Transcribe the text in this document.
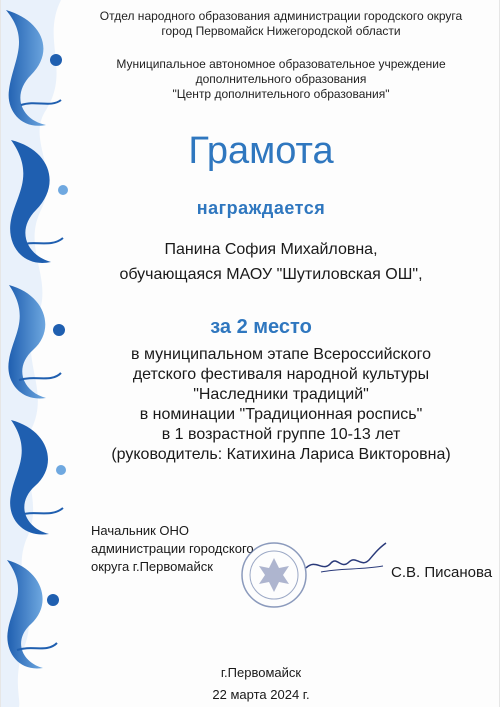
Отдел народного образования администрации городского округа
город Первомайск Нижегородской области
Муниципальное автономное образовательное учреждение
дополнительного образования
"Центр дополнительного образования"
Грамота
награждается
Панина София Михайловна,
обучающаяся МАОУ "Шутиловская ОШ",
за 2 место
в муниципальном этапе Всероссийского
детского фестиваля народной культуры
"Наследники традиций"
в номинации "Традиционная роспись"
в 1 возрастной группе 10-13 лет
(руководитель: Катихина Лариса Викторовна)
Начальник ОНО
администрации городского
округа г.Первомайск	С.В. Писанова
г.Первомайск
22 марта 2024 г.
